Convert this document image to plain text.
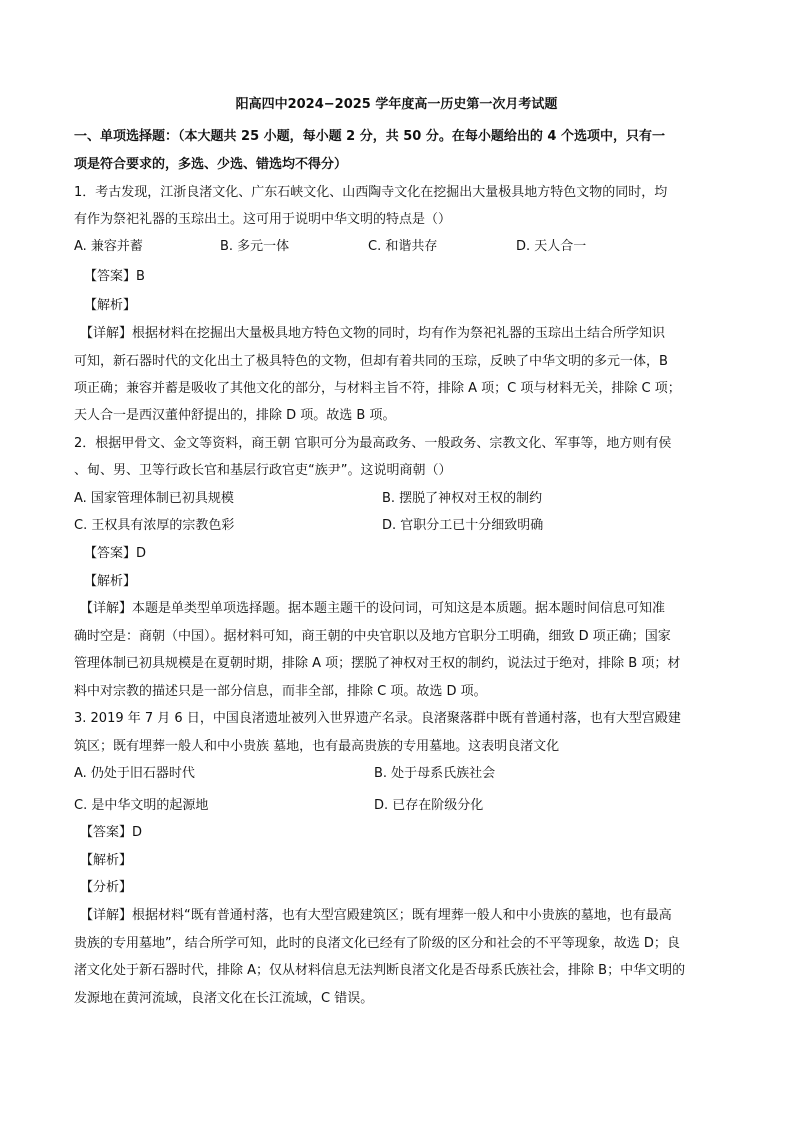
阳高四中2024−2025 学年度高一历史第一次月考试题
一、单项选择题：（本大题共 25 小题，每小题 2 分，共 50 分。在每小题给出的 4 个选项中，只有一
项是符合要求的，多选、少选、错选均不得分）
1．考古发现，江浙良渚文化、广东石峡文化、山西陶寺文化在挖掘出大量极具地方特色文物的同时，均
有作为祭祀礼器的玉琮出土。这可用于说明中华文明的特点是（）
A. 兼容并蓄	B. 多元一体	C. 和谐共存	D. 天人合一
【答案】B
【解析】
【详解】根据材料在挖掘出大量极具地方特色文物的同时，均有作为祭祀礼器的玉琮出土结合所学知识
可知，新石器时代的文化出土了极具特色的文物，但却有着共同的玉琮，反映了中华文明的多元一体，B
项正确；兼容并蓄是吸收了其他文化的部分，与材料主旨不符，排除 A 项；C 项与材料无关，排除 C 项；
天人合一是西汉董仲舒提出的，排除 D 项。故选 B 项。
2．根据甲骨文、金文等资料，商王朝 官职可分为最高政务、一般政务、宗教文化、军事等，地方则有侯
、甸、男、卫等行政长官和基层行政官吏“族尹”。这说明商朝（）
A. 国家管理体制已初具规模	B. 摆脱了神权对王权的制约
C. 王权具有浓厚的宗教色彩	D. 官职分工已十分细致明确
【答案】D
【解析】
【详解】本题是单类型单项选择题。据本题主题干的设问词，可知这是本质题。据本题时间信息可知准
确时空是：商朝（中国）。据材料可知，商王朝的中央官职以及地方官职分工明确，细致 D 项正确；国家
管理体制已初具规模是在夏朝时期，排除 A 项；摆脱了神权对王权的制约，说法过于绝对，排除 B 项；材
料中对宗教的描述只是一部分信息，而非全部，排除 C 项。故选 D 项。
3. 2019 年 7 月 6 日，中国良渚遗址被列入世界遗产名录。良渚聚落群中既有普通村落，也有大型宫殿建
筑区；既有埋葬一般人和中小贵族 墓地，也有最高贵族的专用墓地。这表明良渚文化
A. 仍处于旧石器时代	B. 处于母系氏族社会
C. 是中华文明的起源地	D. 已存在阶级分化
【答案】D
【解析】
【分析】
【详解】根据材料“既有普通村落，也有大型宫殿建筑区；既有埋葬一般人和中小贵族的墓地，也有最高
贵族的专用墓地”，结合所学可知，此时的良渚文化已经有了阶级的区分和社会的不平等现象，故选 D；良
渚文化处于新石器时代，排除 A；仅从材料信息无法判断良渚文化是否母系氏族社会，排除 B；中华文明的
发源地在黄河流域，良渚文化在长江流域，C 错误。
